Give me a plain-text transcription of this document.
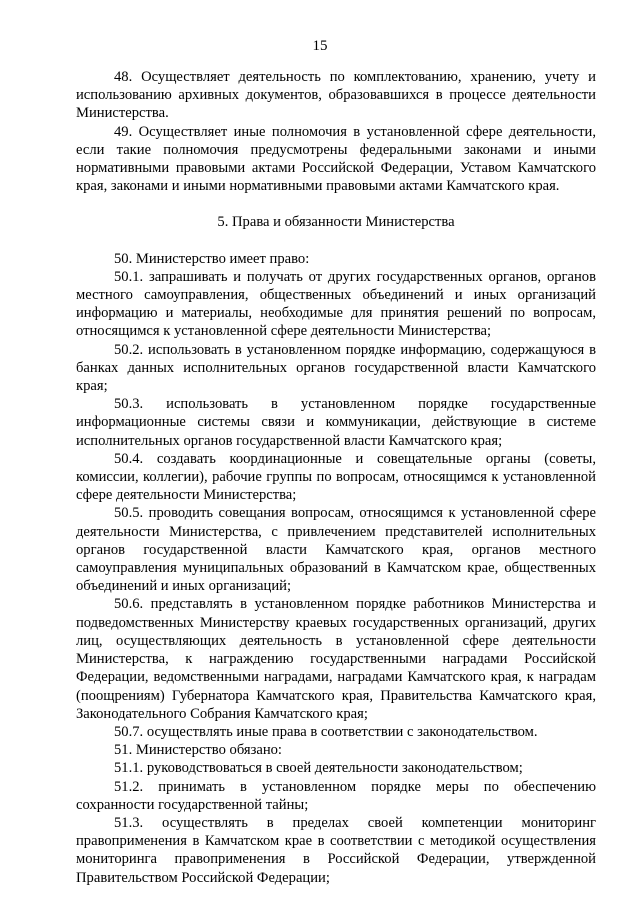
15

48. Осуществляет деятельность по комплектованию, хранению, учету и использованию архивных документов, образовавшихся в процессе деятельности Министерства.

49. Осуществляет иные полномочия в установленной сфере деятельности, если такие полномочия предусмотрены федеральными законами и иными нормативными правовыми актами Российской Федерации, Уставом Камчатского края, законами и иными нормативными правовыми актами Камчатского края.

5. Права и обязанности Министерства

50. Министерство имеет право:

50.1. запрашивать и получать от других государственных органов, органов местного самоуправления, общественных объединений и иных организаций информацию и материалы, необходимые для принятия решений по вопросам, относящимся к установленной сфере деятельности Министерства;

50.2. использовать в установленном порядке информацию, содержащуюся в банках данных исполнительных органов государственной власти Камчатского края;

50.3. использовать в установленном порядке государственные информационные системы связи и коммуникации, действующие в системе исполнительных органов государственной власти Камчатского края;

50.4. создавать координационные и совещательные органы (советы, комиссии, коллегии), рабочие группы по вопросам, относящимся к установленной сфере деятельности Министерства;

50.5. проводить совещания вопросам, относящимся к установленной сфере деятельности Министерства, с привлечением представителей исполнительных органов государственной власти Камчатского края, органов местного самоуправления муниципальных образований в Камчатском крае, общественных объединений и иных организаций;

50.6. представлять в установленном порядке работников Министерства и подведомственных Министерству краевых государственных организаций, других лиц, осуществляющих деятельность в установленной сфере деятельности Министерства, к награждению государственными наградами Российской Федерации, ведомственными наградами, наградами Камчатского края, к наградам (поощрениям) Губернатора Камчатского края, Правительства Камчатского края, Законодательного Собрания Камчатского края;

50.7. осуществлять иные права в соответствии с законодательством.

51. Министерство обязано:

51.1. руководствоваться в своей деятельности законодательством;

51.2. принимать в установленном порядке меры по обеспечению сохранности государственной тайны;

51.3. осуществлять в пределах своей компетенции мониторинг правоприменения в Камчатском крае в соответствии с методикой осуществления мониторинга правоприменения в Российской Федерации, утвержденной Правительством Российской Федерации;
